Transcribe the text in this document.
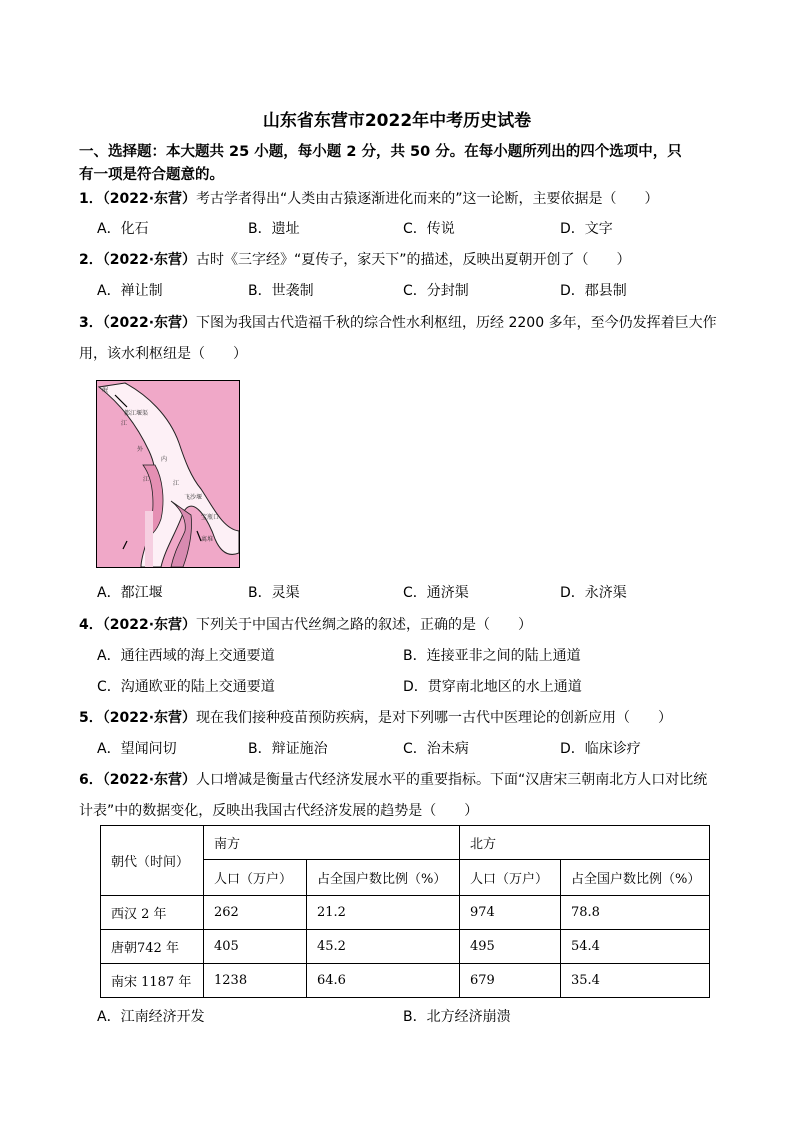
山东省东营市2022年中考历史试卷
一、选择题：本大题共 25 小题，每小题 2 分，共 50 分。在每小题所列出的四个选项中，只
有一项是符合题意的。
1．（2022·东营）考古学者得出“人类由古猿逐渐进化而来的”这一论断，主要依据是（　　）
A．化石	B．遗址	C．传说	D．文字
2．（2022·东营）古时《三字经》“夏传子，家天下”的描述，反映出夏朝开创了（　　）
A．禅让制	B．世袭制	C．分封制	D．郡县制
3．（2022·东营）下图为我国古代造福千秋的综合性水利枢纽，历经 2200 多年，至今仍发挥着巨大作
用，该水利枢纽是（　　）
岷
江
都江堰渠
外
内
江
江
飞沙堰
宝瓶口
离堆
A．都江堰	B．灵渠	C．通济渠	D．永济渠
4．（2022·东营）下列关于中国古代丝绸之路的叙述，正确的是（　　）
A．通往西域的海上交通要道	B．连接亚非之间的陆上通道
C．沟通欧亚的陆上交通要道	D．贯穿南北地区的水上通道
5．（2022·东营）现在我们接种疫苗预防疾病，是对下列哪一古代中医理论的创新应用（　　）
A．望闻问切	B．辩证施治	C．治未病	D．临床诊疗
6．（2022·东营）人口增减是衡量古代经济发展水平的重要指标。下面“汉唐宋三朝南北方人口对比统
计表”中的数据变化，反映出我国古代经济发展的趋势是（　　）
朝代（时间）	南方		北方	
	人口（万户）	占全国户数比例（%）	人口（万户）	占全国户数比例（%）
西汉 2 年	262	21.2	974	78.8
唐朝742 年	405	45.2	495	54.4
南宋 1187 年	1238	64.6	679	35.4
A．江南经济开发	B．北方经济崩溃
